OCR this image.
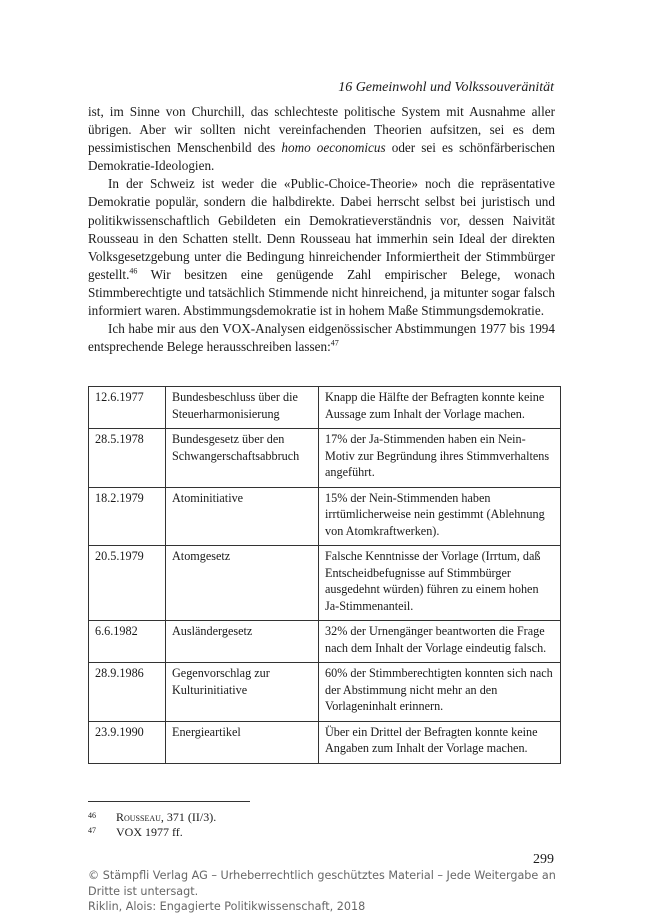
16 Gemeinwohl und Volkssouveränität

ist, im Sinne von Churchill, das schlechteste politische System mit Ausnahme aller übrigen. Aber wir sollten nicht vereinfachenden Theorien aufsitzen, sei es dem pessimistischen Menschenbild des homo oeconomicus oder sei es schönfärberischen Demokratie-Ideologien.

In der Schweiz ist weder die «Public-Choice-Theorie» noch die repräsentative Demokratie populär, sondern die halbdirekte. Dabei herrscht selbst bei juristisch und politikwissenschaftlich Gebildeten ein Demokratieverständnis vor, dessen Naivität Rousseau in den Schatten stellt. Denn Rousseau hat immerhin sein Ideal der direkten Volksgesetzgebung unter die Bedingung hinreichender Informiertheit der Stimmbürger gestellt.$^{46}$ Wir besitzen eine genügende Zahl empirischer Belege, wonach Stimmberechtigte und tatsächlich Stimmende nicht hinreichend, ja mitunter sogar falsch informiert waren. Abstimmungsdemokratie ist in hohem Maße Stimmungsdemokratie.

Ich habe mir aus den VOX-Analysen eidgenössischer Abstimmungen 1977 bis 1994 entsprechende Belege herausschreiben lassen:$^{47}$

12.6.1977	Bundesbeschluss über die Steuerharmonisierung	Knapp die Hälfte der Befragten konnte keine Aussage zum Inhalt der Vorlage machen.
28.5.1978	Bundesgesetz über den Schwangerschaftsabbruch	17% der Ja-Stimmenden haben ein Nein-Motiv zur Begründung ihres Stimmverhaltens angeführt.
18.2.1979	Atominitiative	15% der Nein-Stimmenden haben irrtümlicherweise nein gestimmt (Ablehnung von Atomkraftwerken).
20.5.1979	Atomgesetz	Falsche Kenntnisse der Vorlage (Irrtum, daß Entscheidbefugnisse auf Stimmbürger ausgedehnt würden) führen zu einem hohen Ja-Stimmenanteil.
6.6.1982	Ausländergesetz	32% der Urnengänger beantworten die Frage nach dem Inhalt der Vorlage eindeutig falsch.
28.9.1986	Gegenvorschlag zur Kulturinitiative	60% der Stimmberechtigten konnten sich nach der Abstimmung nicht mehr an den Vorlageninhalt erinnern.
23.9.1990	Energieartikel	Über ein Drittel der Befragten konnte keine Angaben zum Inhalt der Vorlage machen.
46	Rousseau, 371 (II/3).
47	VOX 1977 ff.
299
© Stämpfli Verlag AG – Urheberrechtlich geschütztes Material – Jede Weitergabe an Dritte ist untersagt.
Riklin, Alois: Engagierte Politikwissenschaft, 2018
